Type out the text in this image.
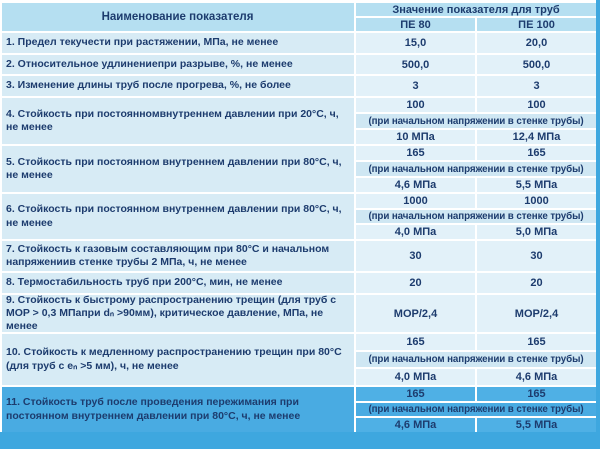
Наименование показателя
Значение показателя для труб
ПЕ 80	ПЕ 100
1. Предел текучести при растяжении, МПа, не менее	15,0	20,0
2. Относительное удлинениепри разрыве, %, не менее	500,0	500,0
3. Изменение длины труб после прогрева, %, не более	3	3
4. Стойкость при постоянномвнутреннем давлении при 20°С, ч, не менее
100	100
(при начальном напряжении в стенке трубы)
10 МПа	12,4 МПа
5. Стойкость при постоянном внутреннем давлении при 80°С, ч, не менее
165	165
(при начальном напряжении в стенке трубы)
4,6 МПа	5,5 МПа
6. Стойкость при постоянном внутреннем давлении при 80°С, ч, не менее
1000	1000
(при начальном напряжении в стенке трубы)
4,0 МПа	5,0 МПа
7. Стойкость к газовым составляющим при 80°С и начальном напряжениив стенке трубы 2 МПа, ч, не менее	30	30
8. Термостабильность труб при 200°С, мин, не менее	20	20
9. Стойкость к быстрому распространению трещин (для труб с MOP > 0,3 МПапри dₙ >90мм), критическое давление, МПа, не менее
MOP/2,4	MOP/2,4
10. Стойкость к медленному распространению трещин при 80°С (для труб с eₙ >5 мм), ч, не менее
165	165
(при начальном напряжении в стенке трубы)
4,0 МПа	4,6 МПа
11. Стойкость труб после проведения пережимания при постоянном внутреннем давлении при 80°С, ч, не менее
165	165
(при начальном напряжении в стенке трубы)
4,6 МПа	5,5 МПа
